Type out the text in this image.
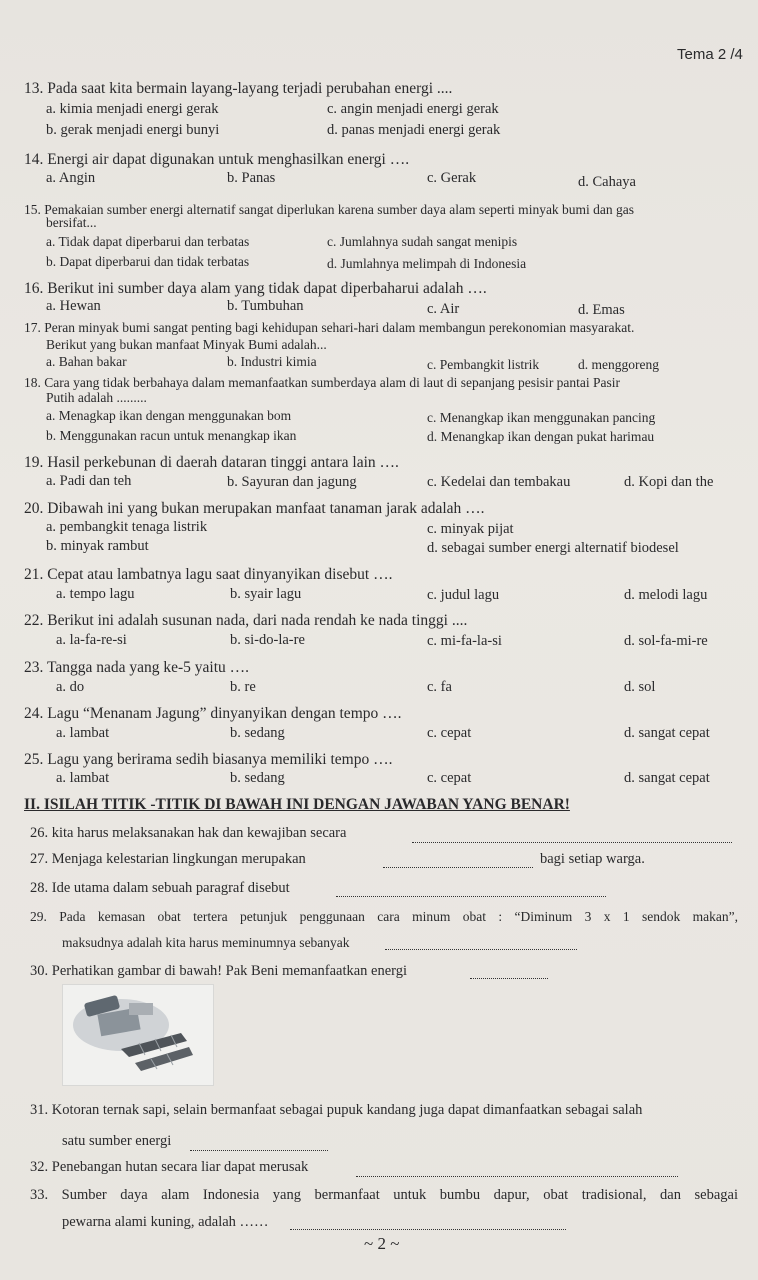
Tema 2 /4
13. Pada saat kita bermain layang-layang terjadi perubahan energi ....
a. kimia menjadi energi gerak	c. angin menjadi energi gerak
b. gerak menjadi energi bunyi	d. panas menjadi energi gerak
14. Energi air dapat digunakan untuk menghasilkan energi ….
a. Angin	b. Panas	c. Gerak	d. Cahaya
15. Pemakaian sumber energi alternatif sangat diperlukan karena sumber daya alam seperti minyak bumi dan gas
bersifat...
a. Tidak dapat diperbarui dan terbatas	c. Jumlahnya sudah sangat menipis
b. Dapat diperbarui dan tidak terbatas	d. Jumlahnya melimpah di Indonesia
16. Berikut ini sumber daya alam yang tidak dapat diperbaharui adalah ….
a. Hewan	b. Tumbuhan	c. Air	d. Emas
17. Peran minyak bumi sangat penting bagi kehidupan sehari-hari dalam membangun perekonomian masyarakat.
Berikut yang bukan manfaat Minyak Bumi adalah...
a. Bahan bakar	b. Industri kimia	c. Pembangkit listrik	d. menggoreng
18. Cara yang tidak berbahaya dalam memanfaatkan sumberdaya alam di laut di sepanjang pesisir pantai Pasir
Putih adalah .........
a. Menagkap ikan dengan menggunakan bom	c. Menangkap ikan menggunakan pancing
b. Menggunakan racun untuk menangkap ikan	d. Menangkap ikan dengan pukat harimau
19. Hasil perkebunan di daerah dataran tinggi antara lain ….
a. Padi dan teh	b. Sayuran dan jagung	c. Kedelai dan tembakau	d. Kopi dan the
20. Dibawah ini yang bukan merupakan manfaat tanaman jarak adalah ….
a. pembangkit tenaga listrik	c. minyak pijat
b. minyak rambut	d. sebagai sumber energi alternatif biodesel
21. Cepat atau lambatnya lagu saat dinyanyikan disebut ….
a. tempo lagu	b. syair lagu	c. judul lagu	d. melodi lagu
22. Berikut ini adalah susunan nada, dari nada rendah ke nada tinggi ....
a. la-fa-re-si	b. si-do-la-re	c. mi-fa-la-si	d. sol-fa-mi-re
23. Tangga nada yang ke-5 yaitu ….
a. do	b. re	c. fa	d. sol
24. Lagu “Menanam Jagung” dinyanyikan dengan tempo ….
a. lambat	b. sedang	c. cepat	d. sangat cepat
25. Lagu yang berirama sedih biasanya memiliki tempo ….
a. lambat	b. sedang	c. cepat	d. sangat cepat
II. ISILAH TITIK -TITIK DI BAWAH INI DENGAN JAWABAN YANG BENAR!
26. kita harus melaksanakan hak dan kewajiban secara
27. Menjaga kelestarian lingkungan merupakan	bagi setiap warga.
28. Ide utama dalam sebuah paragraf disebut
29. Pada kemasan obat tertera petunjuk penggunaan cara minum obat : “Diminum 3 x 1 sendok makan”,
maksudnya adalah kita harus meminumnya sebanyak
30. Perhatikan gambar di bawah! Pak Beni memanfaatkan energi
31. Kotoran ternak sapi, selain bermanfaat sebagai pupuk kandang juga dapat dimanfaatkan sebagai salah
satu sumber energi
32. Penebangan hutan secara liar dapat merusak
33. Sumber daya alam Indonesia yang bermanfaat untuk bumbu dapur, obat tradisional, dan sebagai
pewarna alami kuning, adalah ……
~ 2 ~
